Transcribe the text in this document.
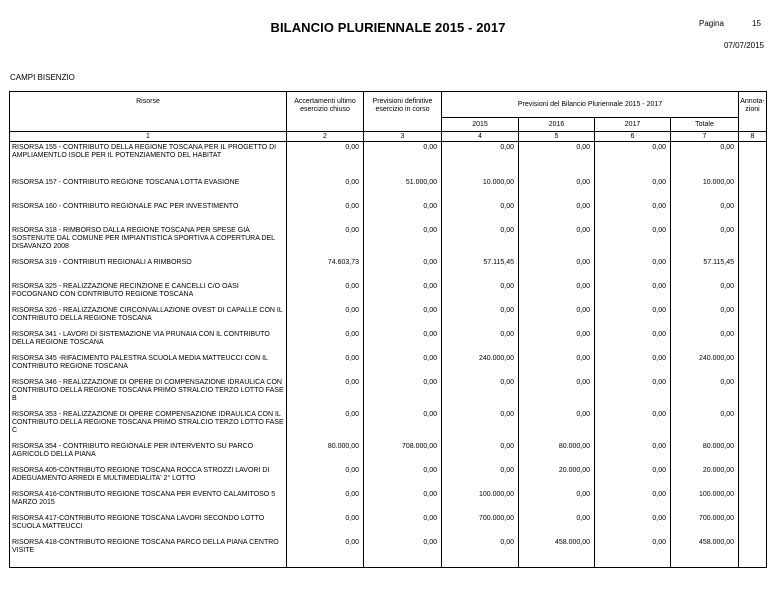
BILANCIO PLURIENNALE 2015 - 2017	Pagina	15
07/07/2015
CAMPI BISENZIO
Risorse	Accertamenti ultimo esercizio chiuso	Previsioni definitive esercizio in corso	Previsioni del Bilancio Pluriennale 2015 - 2017				Annota- zioni
			2015	2016	2017	Totale	
1	2	3	4	5	6	7	8
RISORSA 155 - CONTRIBUTO DELLA REGIONE TOSCANA PER IL PROGETTO DI AMPLIAMENTLO ISOLE PER IL POTENZIAMENTO DEL HABITAT	0,00	0,00	0,00	0,00	0,00	0,00	
RISORSA 157 - CONTRIBUTO REGIONE TOSCANA LOTTA EVASIONE	0,00	51.000,00	10.000,00	0,00	0,00	10.000,00	
RISORSA 160 - CONTRIBUTO REGIONALE PAC PER INVESTIMENTO	0,00	0,00	0,00	0,00	0,00	0,00	
RISORSA 318 - RIMBORSO DALLA REGIONE TOSCANA PER SPESE GIÀ SOSTENUTE DAL COMUNE PER IMPIANTISTICA SPORTIVA A COPERTURA DEL DISAVANZO 2008	0,00	0,00	0,00	0,00	0,00	0,00	
RISORSA 319 - CONTRIBUTI REGIONALI A RIMBORSO	74.603,73	0,00	57.115,45	0,00	0,00	57.115,45	
RISORSA 325 - REALIZZAZIONE RECINZIONE E CANCELLI C/O OASI FOCOGNANO CON CONTRIBUTO REGIONE TOSCANA	0,00	0,00	0,00	0,00	0,00	0,00	
RISORSA 326 - REALIZZAZIONE CIRCONVALLAZIONE OVEST DI CAPALLE CON IL CONTRIBUTO DELLA REGIONE TOSCANA	0,00	0,00	0,00	0,00	0,00	0,00	
RISORSA 341 - LAVORI DI SISTEMAZIONE VIA PRUNAIA CON IL CONTRIBUTO DELLA REGIONE TOSCANA	0,00	0,00	0,00	0,00	0,00	0,00	
RISORSA 345 -RIFACIMENTO PALESTRA SCUOLA MEDIA MATTEUCCI CON IL CONTRIBUTO REGIONE TOSCANA	0,00	0,00	240.000,00	0,00	0,00	240.000,00	
RISORSA 346 - REALIZZAZIONE DI OPERE DI COMPENSAZIONE IDRAULICA CON CONTRIBUTO DELLA REGIONE TOSCANA PRIMO STRALCIO TERZO LOTTO FASE B	0,00	0,00	0,00	0,00	0,00	0,00	
RISORSA 353 - REALIZZAZIONE DI OPERE COMPENSAZIONE IDRAULICA CON IL CONTRIBUTO DELLA REGIONE TOSCANA PRIMO STRALCIO TERZO LOTTO FASE C	0,00	0,00	0,00	0,00	0,00	0,00	
RISORSA 354 - CONTRIBUTO REGIONALE PER INTERVENTO SU PARCO AGRICOLO DELLA PIANA	80.000,00	708.000,00	0,00	80.000,00	0,00	80.000,00	
RISORSA 405-CONTRIBUTO REGIONE TOSCANA ROCCA STROZZI LAVORI DI ADEGUAMENTO ARREDI E MULTIMEDIALITA' 2° LOTTO	0,00	0,00	0,00	20.000,00	0,00	20.000,00	
RISORSA 416-CONTRIBUTO REGIONE TOSCANA PER EVENTO CALAMITOSO 5 MARZO 2015	0,00	0,00	100.000,00	0,00	0,00	100.000,00	
RISORSA 417-CONTRIBUTO REGIONE TOSCANA LAVORI SECONDO LOTTO SCUOLA MATTEUCCI	0,00	0,00	700.000,00	0,00	0,00	700.000,00	
RISORSA 418-CONTRIBUTO REGIONE TOSCANA PARCO DELLA PIANA CENTRO VISITE	0,00	0,00	0,00	458.000,00	0,00	458.000,00	
